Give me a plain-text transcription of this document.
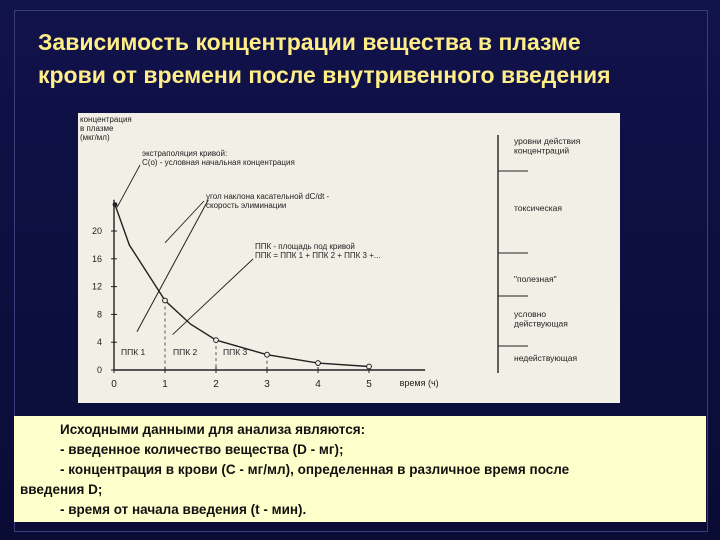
Зависимость концентрации вещества в плазме
крови от времени после внутривенного введения
0
4
8
12
16
20
0	1	2	3	4	5
концентрация
в плазме
(мкг/мл)
время (ч)
экстраполяция кривой:
С(о) - условная начальная концентрация
угол наклона касательной dC/dt -
скорость элиминации
ППК - площадь под кривой
ППК = ППК 1 + ППК 2 + ППК 3 +...
ППК 1	ППК 2	ППК 3
уровни действия
концентраций
токсическая
"полезная"
условно
действующая
недействующая

Исходными данными для анализа являются:

- введенное количество вещества (D - мг);

- концентрация в крови (С - мг/мл), определенная в различное время после

введения D;

- время от начала введения (t - мин).
